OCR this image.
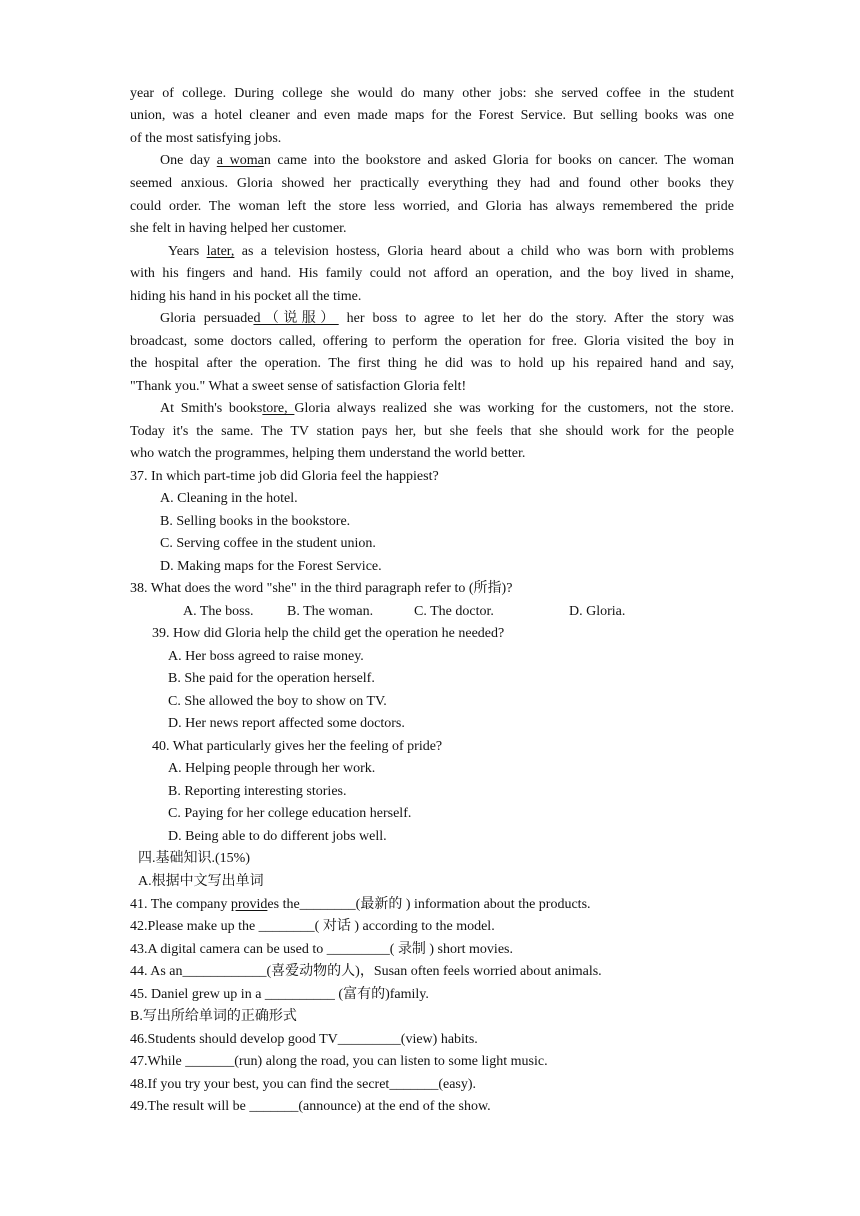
year of college. During college she would do many other jobs: she served coffee in the student
union, was a hotel cleaner and even made maps for the Forest Service. But selling books was one
of the most satisfying jobs.
One day a woman came into the bookstore and asked Gloria for books on cancer. The woman
seemed anxious. Gloria showed her practically everything they had and found other books they
could order. The woman left the store less worried, and Gloria has always remembered the pride
she felt in having helped her customer.
Years later, as a television hostess, Gloria heard about a child who was born with problems
with his fingers and hand. His family could not afford an operation, and the boy lived in shame,
hiding his hand in his pocket all the time.
Gloria persuaded（说服） her boss to agree to let her do the story. After the story was
broadcast, some doctors called, offering to perform the operation for free. Gloria visited the boy in
the hospital after the operation. The first thing he did was to hold up his repaired hand and say,
"Thank you." What a sweet sense of satisfaction Gloria felt!
At Smith's bookstore, Gloria always realized she was working for the customers, not the store.
Today it's the same. The TV station pays her, but she feels that she should work for the people
who watch the programmes, helping them understand the world better.
37. In which part-time job did Gloria feel the happiest?
A. Cleaning in the hotel.
B. Selling books in the bookstore.
C. Serving coffee in the student union.
D. Making maps for the Forest Service.
38. What does the word "she" in the third paragraph refer to (所指)?
A. The boss. B. The woman.	C. The doctor.	D. Gloria.
39. How did Gloria help the child get the operation he needed?
A. Her boss agreed to raise money.
B. She paid for the operation herself.
C. She allowed the boy to show on TV.
D. Her news report affected some doctors.
40. What particularly gives her the feeling of pride?
A. Helping people through her work.
B. Reporting interesting stories.
C. Paying for her college education herself.
D. Being able to do different jobs well.
四.基础知识.(15%)
A.根据中文写出单词
41. The company provides the________(最新的 ) information about the products.
42.Please make up the ________( 对话 ) according to the model.
43.A digital camera can be used to _________( 录制 ) short movies.
44. As an____________(喜爱动物的人)，Susan often feels worried about animals.
45. Daniel grew up in a __________ (富有的)family.
B.写出所给单词的正确形式
46.Students should develop good TV_________(view) habits.
47.While _______(run) along the road, you can listen to some light music.
48.If you try your best, you can find the secret_______(easy).
49.The result will be _______(announce) at the end of the show.
